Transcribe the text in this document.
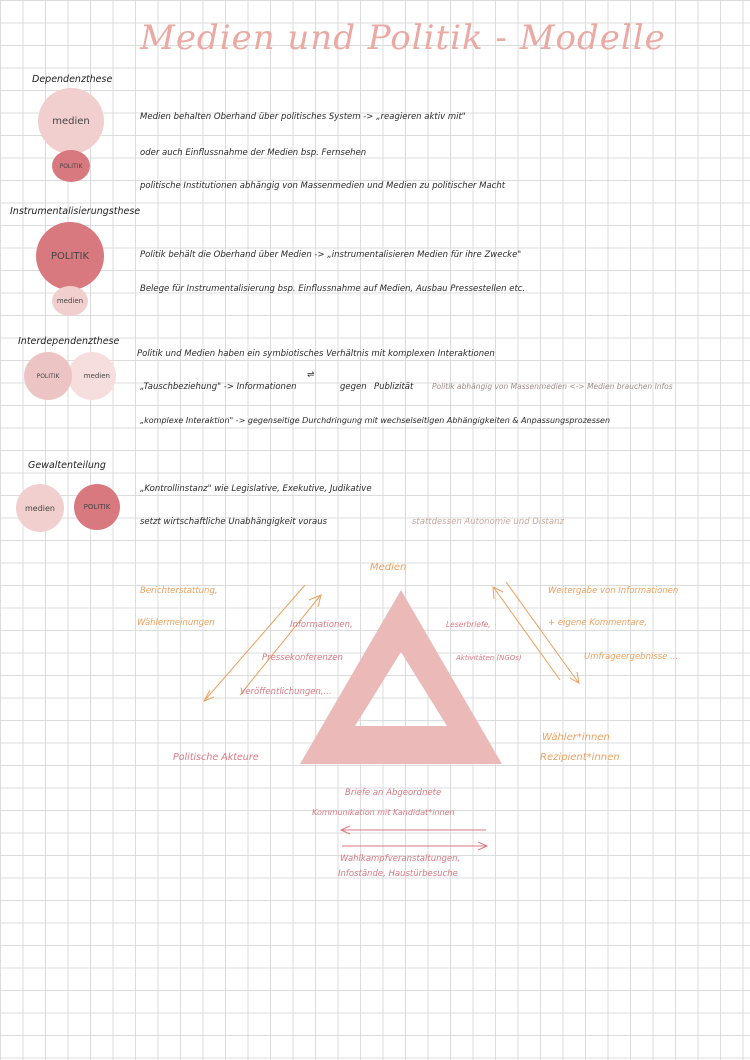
Medien und Politik - Modelle
Dependenzthese
medien
POLITIK
Medien behalten Oberhand über politisches System -> „reagieren aktiv mit"
oder auch Einflussnahme der Medien bsp. Fernsehen
politische Institutionen abhängig von Massenmedien und Medien zu politischer Macht
Instrumentalisierungsthese
POLITIK
medien
Politik behält die Oberhand über Medien -> „instrumentalisieren Medien für ihre Zwecke"
Belege für Instrumentalisierung bsp. Einflussnahme auf Medien, Ausbau Pressestellen etc.
Interdependenzthese
medien
POLITIK
Politik und Medien haben ein symbiotisches Verhältnis mit komplexen Interaktionen
„Tauschbeziehung" -> Informationen
⇌
gegen Publizität Politik abhängig von Massenmedien <-> Medien brauchen Infos
„komplexe Interaktion" -> gegenseitige Durchdringung mit wechselseitigen Abhängigkeiten & Anpassungsprozessen
Gewaltenteilung
medien	POLITIK
„Kontrollinstanz" wie Legislative, Exekutive, Judikative
setzt wirtschaftliche Unabhängigkeit voraus	stattdessen Autonomie und Distanz
Medien
Politische Akteure
Wähler*innen
Rezipient*innen
Berichterstattung,
Wählermeinungen	Informationen,
Pressekonferenzen
Veröffentlichungen,...
Leserbriefe,
Aktivitäten (NGOs)
Weitergabe von Informationen
+ eigene Kommentare,
Umfrageergebnisse ...
Briefe an Abgeordnete
Kommunikation mit Kandidat*innen
Wahlkampfveranstaltungen,
Infostände, Haustürbesuche
